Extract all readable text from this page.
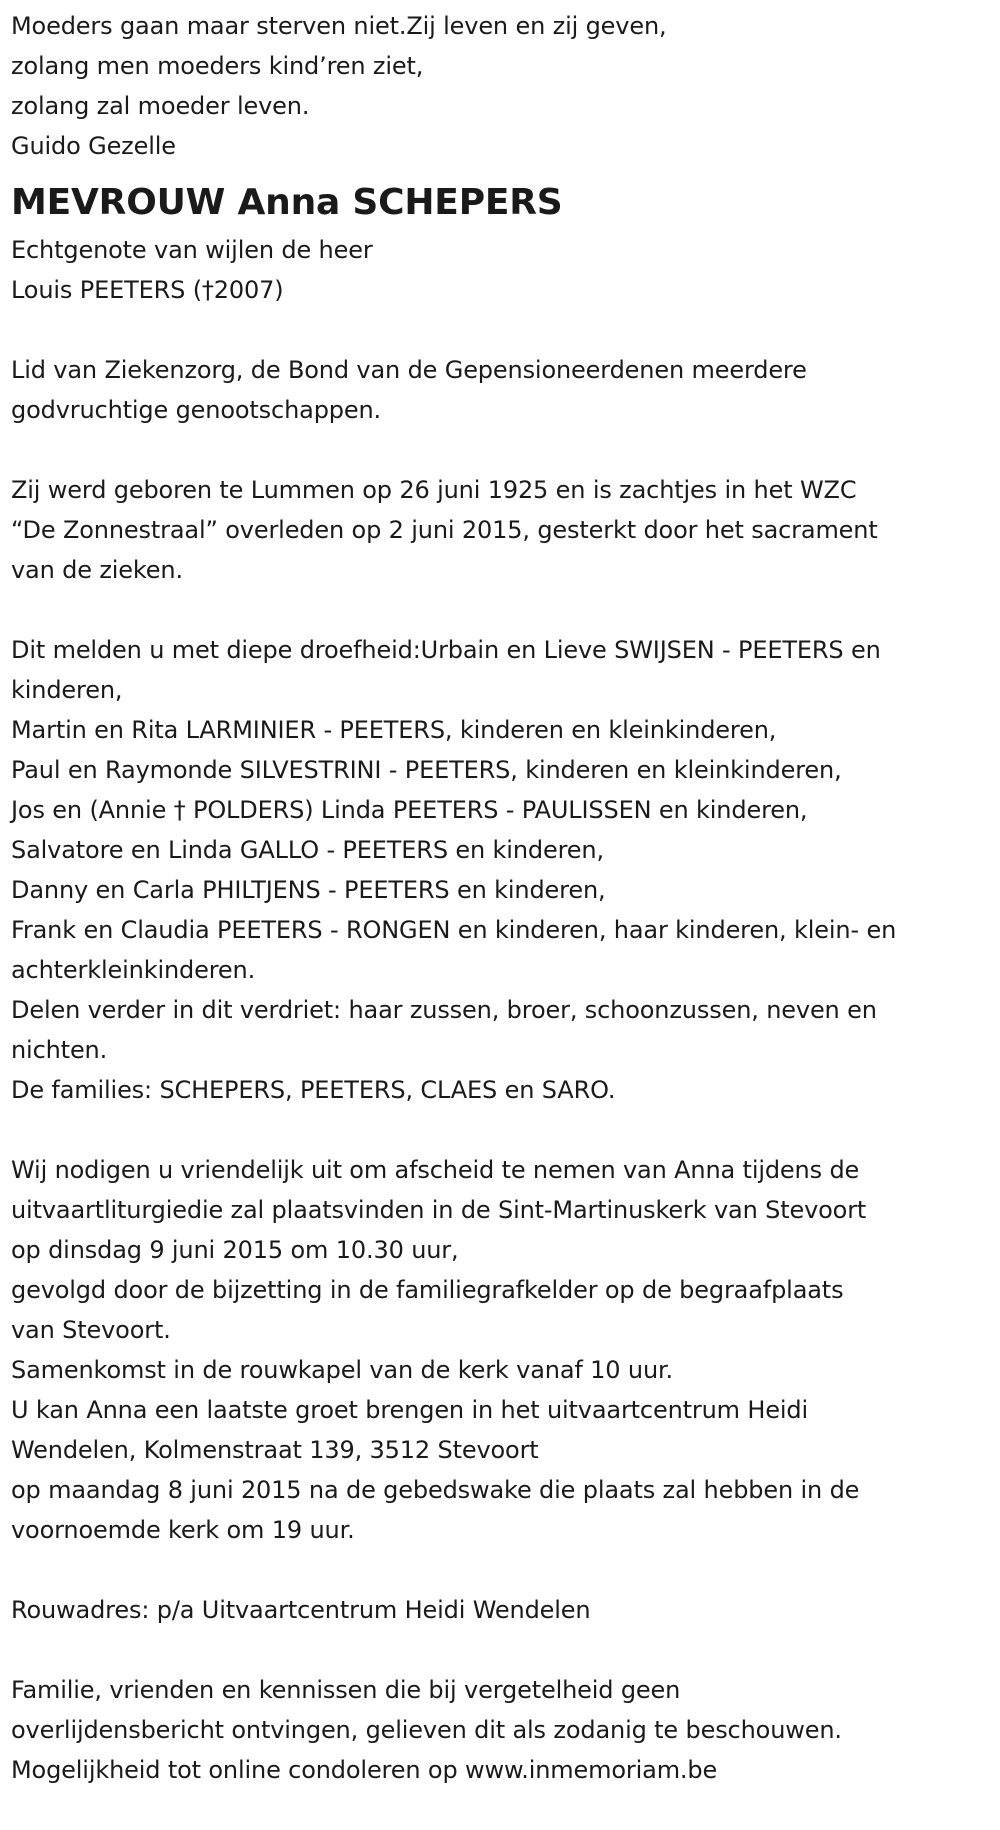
Moeders gaan maar sterven niet.Zij leven en zij geven,
zolang men moeders kind’ren ziet,
zolang zal moeder leven.
Guido Gezelle
MEVROUW Anna SCHEPERS
Echtgenote van wijlen de heer
Louis PEETERS (†2007)
Lid van Ziekenzorg, de Bond van de Gepensioneerdenen meerdere
godvruchtige genootschappen.
Zij werd geboren te Lummen op 26 juni 1925 en is zachtjes in het WZC
“De Zonnestraal” overleden op 2 juni 2015, gesterkt door het sacrament
van de zieken.
Dit melden u met diepe droefheid:Urbain en Lieve SWIJSEN - PEETERS en
kinderen,
Martin en Rita LARMINIER - PEETERS, kinderen en kleinkinderen,
Paul en Raymonde SILVESTRINI - PEETERS, kinderen en kleinkinderen,
Jos en (Annie † POLDERS) Linda PEETERS - PAULISSEN en kinderen,
Salvatore en Linda GALLO - PEETERS en kinderen,
Danny en Carla PHILTJENS - PEETERS en kinderen,
Frank en Claudia PEETERS - RONGEN en kinderen, haar kinderen, klein- en
achterkleinkinderen.
Delen verder in dit verdriet: haar zussen, broer, schoonzussen, neven en
nichten.
De families: SCHEPERS, PEETERS, CLAES en SARO.
Wij nodigen u vriendelijk uit om afscheid te nemen van Anna tijdens de
uitvaartliturgiedie zal plaatsvinden in de Sint-Martinuskerk van Stevoort
op dinsdag 9 juni 2015 om 10.30 uur,
gevolgd door de bijzetting in de familiegrafkelder op de begraafplaats
van Stevoort.
Samenkomst in de rouwkapel van de kerk vanaf 10 uur.
U kan Anna een laatste groet brengen in het uitvaartcentrum Heidi
Wendelen, Kolmenstraat 139, 3512 Stevoort
op maandag 8 juni 2015 na de gebedswake die plaats zal hebben in de
voornoemde kerk om 19 uur.
Rouwadres: p/a Uitvaartcentrum Heidi Wendelen
Familie, vrienden en kennissen die bij vergetelheid geen
overlijdensbericht ontvingen, gelieven dit als zodanig te beschouwen.
Mogelijkheid tot online condoleren op www.inmemoriam.be
